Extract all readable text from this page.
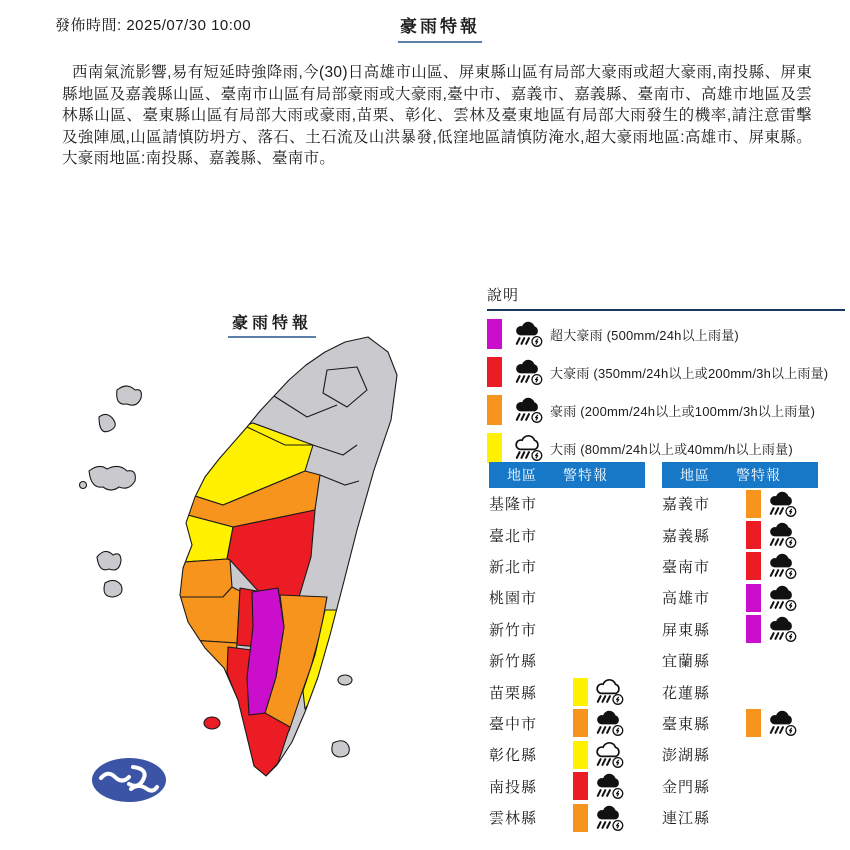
發佈時間: 2025/07/30 10:00	豪雨特報
西南氣流影響,易有短延時強降雨,今(30)日高雄市山區、屏東縣山區有局部大豪雨或超大豪雨,南投縣、屏東縣地區及嘉義縣山區、臺南市山區有局部豪雨或大豪雨,臺中市、嘉義市、嘉義縣、臺南市、高雄市地區及雲林縣山區、臺東縣山區有局部大雨或豪雨,苗栗、彰化、雲林及臺東地區有局部大雨發生的機率,請注意雷擊及強陣風,山區請慎防坍方、落石、土石流及山洪暴發,低窪地區請慎防淹水,超大豪雨地區:高雄市、屏東縣。大豪雨地區:南投縣、嘉義縣、臺南市。
豪雨特報
說明
超大豪雨 (500mm/24h以上雨量)
大豪雨 (350mm/24h以上或200mm/3h以上雨量)
豪雨 (200mm/24h以上或100mm/3h以上雨量)
大雨 (80mm/24h以上或40mm/h以上雨量)
地區 警特報
基隆市
臺北市
新北市
桃園市
新竹市
新竹縣
苗栗縣
臺中市
彰化縣
南投縣
雲林縣
地區 警特報
嘉義市
嘉義縣
臺南市
高雄市
屏東縣
宜蘭縣
花蓮縣
臺東縣
澎湖縣
金門縣
連江縣
